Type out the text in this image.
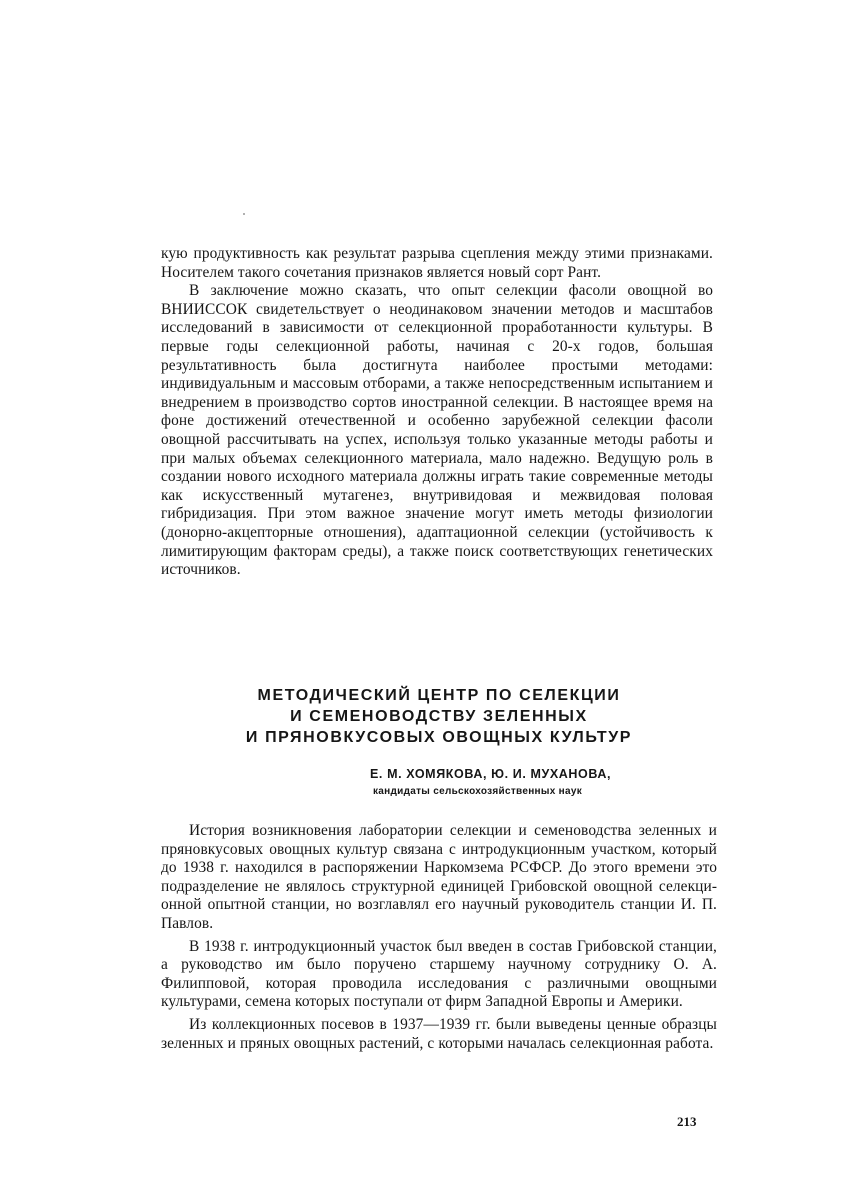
кую продуктивность как результат разрыва сцепления между этими признаками. Носителем такого сочетания признаков является новый сорт Рант.

В заключение можно сказать, что опыт селекции фасоли овощной во ВНИИССОК свидетельствует о неодинаковом значении методов и масштабов исследований в зависимости от селекционной проработанности культуры. В первые годы селекционной работы, начиная с 20-х годов, большая результативность была достигнута наиболее простыми методами: индивидуальным и массовым отборами, а также непосредственным испытанием и внедрением в производство сортов иностранной селекции. В настоящее время на фоне достижений отечественной и особенно зарубежной селекции фасоли овощной рассчитывать на успех, используя только указанные методы работы и при малых объемах селекционного материала, мало надежно. Ведущую роль в создании нового исходного материала должны играть такие современные методы как искусственный мутагенез, внутривидовая и межвидовая половая гибридизация. При этом важное значение могут иметь методы физиологии (донорно-акцепторные отношения), адаптационной селекции (устойчивость к лимитирующим факторам среды), а также поиск соответствующих генетических источников.

МЕТОДИЧЕСКИЙ ЦЕНТР ПО СЕЛЕКЦИИ
И СЕМЕНОВОДСТВУ ЗЕЛЕННЫХ
И ПРЯНОВКУСОВЫХ ОВОЩНЫХ КУЛЬТУР
Е. М. ХОМЯКОВА, Ю. И. МУХАНОВА,
кандидаты сельскохозяйственных наук

История возникновения лаборатории селекции и семеноводства зеленных и пряновкусовых овощных культур связана с интродукционным участком, который до 1938 г. находился в распоряжении Наркомзема РСФСР. До этого времени это подразделение не являлось структурной единицей Грибовской овощной селекционной опытной станции, но возглавлял его научный руководитель станции И. П. Павлов.

В 1938 г. интродукционный участок был введен в состав Грибовской станции, а руководство им было поручено старшему научному сотруднику О. А. Филипповой, которая проводила исследования с различными овощными культурами, семена которых поступали от фирм Западной Европы и Америки.

Из коллекционных посевов в 1937—1939 гг. были выведены ценные образцы зеленных и пряных овощных растений, с которыми началась селекционная работа.

213
